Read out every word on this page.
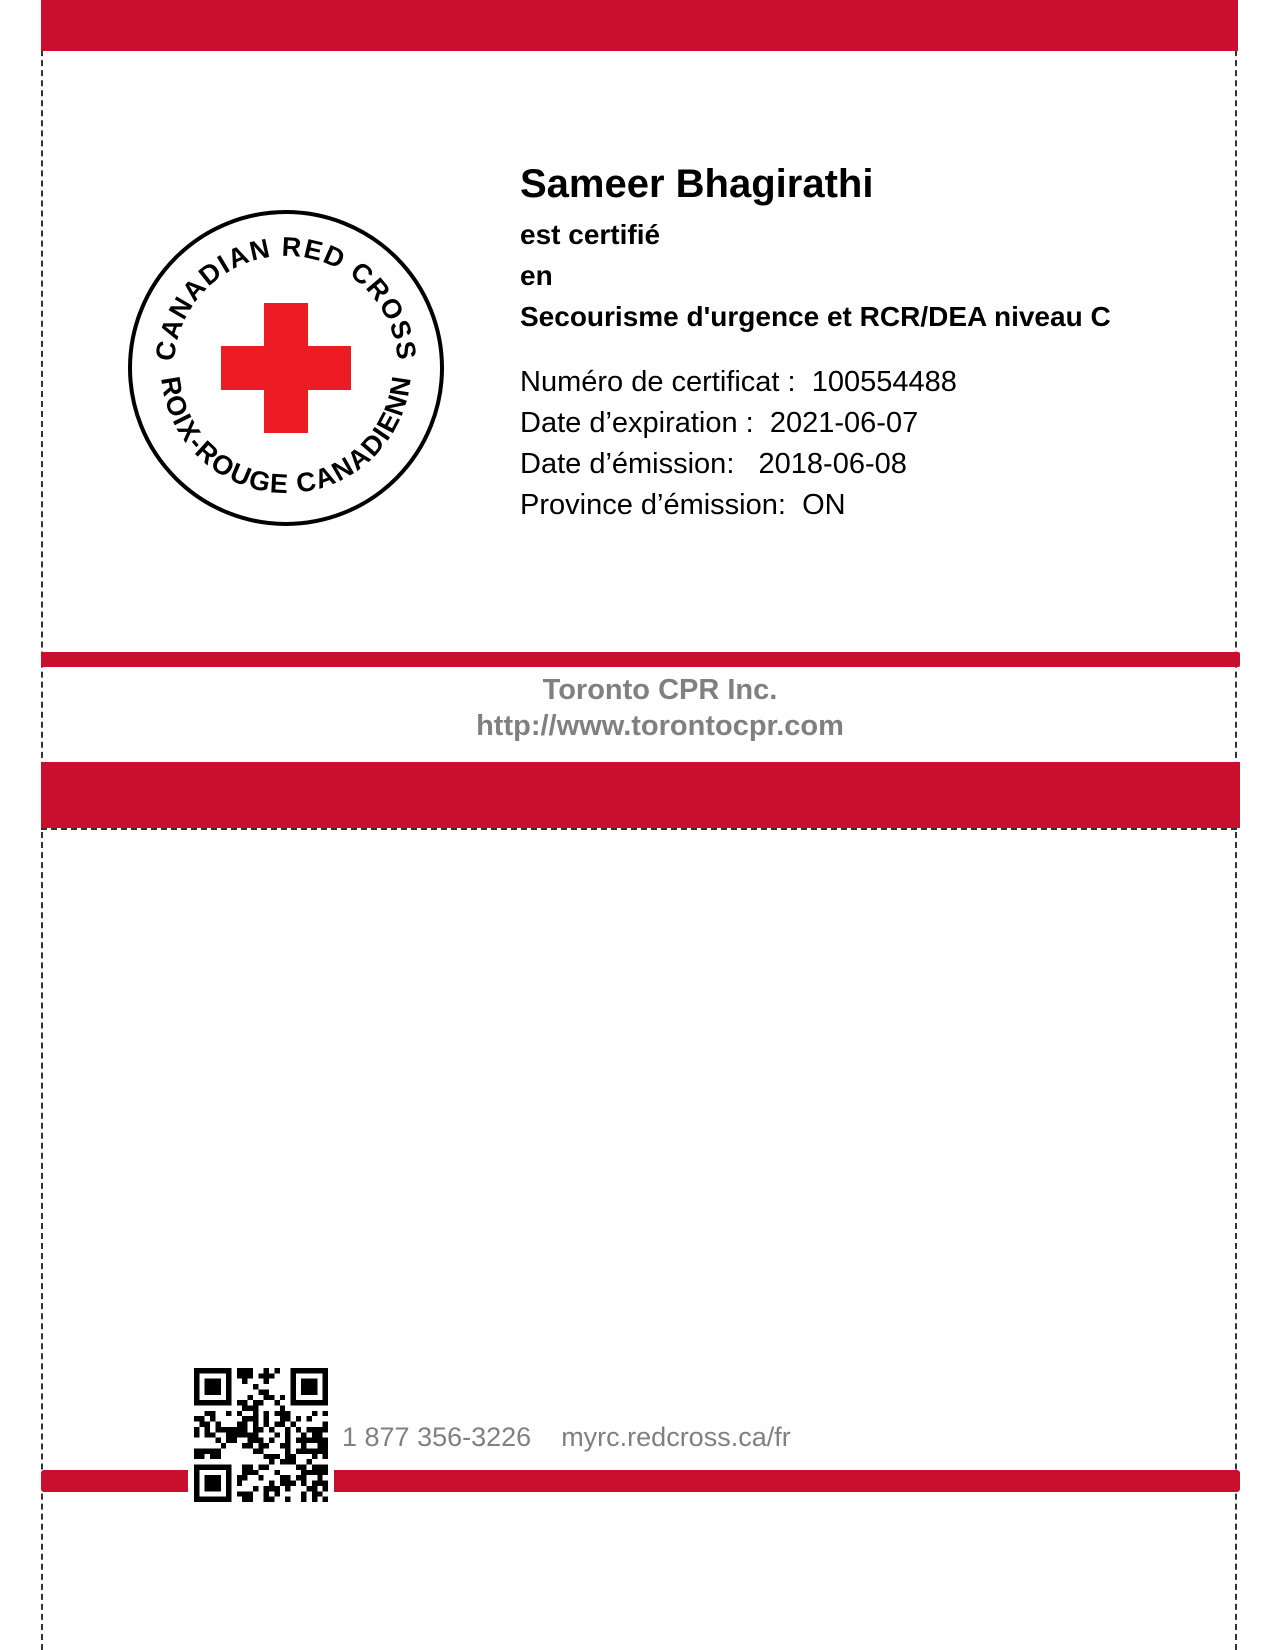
CANADIAN RED CROSS
ROIX-ROUGE CANADIENN
Sameer Bhagirathi
est certifié
en
Secourisme d'urgence et RCR/DEA niveau C
Numéro de certificat :  100554488
Date d’expiration :  2021-06-07
Date d’émission:   2018-06-08
Province d’émission:  ON
Toronto CPR Inc.
http://www.torontocpr.com
1 877 356-3226 myrc.redcross.ca/fr
